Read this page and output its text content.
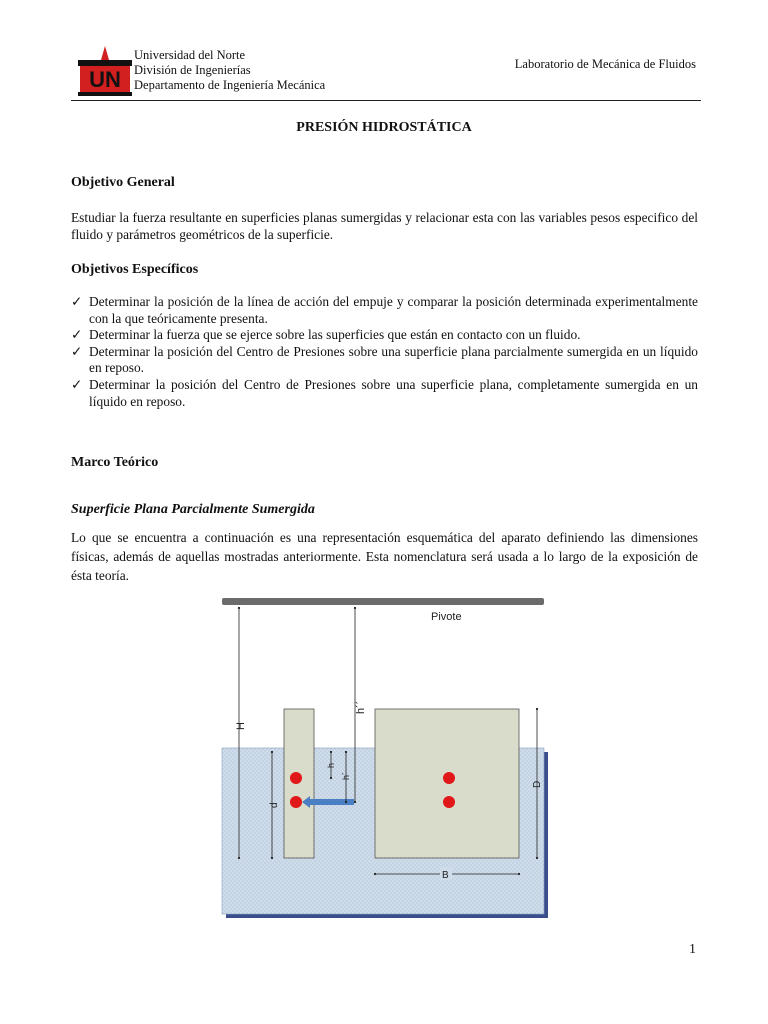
UN
Universidad del Norte
División de Ingenierías
Departamento de Ingeniería Mecánica
Laboratorio de Mecánica de Fluidos
PRESIÓN HIDROSTÁTICA
Objetivo General
Estudiar la fuerza resultante en superficies planas sumergidas y relacionar esta con las variables pesos especifico del fluido y parámetros geométricos de la superficie.
Objetivos Específicos
✓ Determinar la posición de la línea de acción del empuje y comparar la posición determinada experimentalmente con la que teóricamente presenta.
✓ Determinar la fuerza que se ejerce sobre las superficies que están en contacto con un fluido.
✓ Determinar la posición del Centro de Presiones sobre una superficie plana parcialmente sumergida en un líquido en reposo.
✓ Determinar la posición del Centro de Presiones sobre una superficie plana, completamente sumergida en un líquido en reposo.
Marco Teórico
Superficie Plana Parcialmente Sumergida
Lo que se encuentra a continuación es una representación esquemática del aparato definiendo las dimensiones físicas, además de aquellas mostradas anteriormente. Esta nomenclatura será usada a lo largo de la exposición de ésta teoría.
Pivote
H
h´´
d
h
h´
D
B
1
